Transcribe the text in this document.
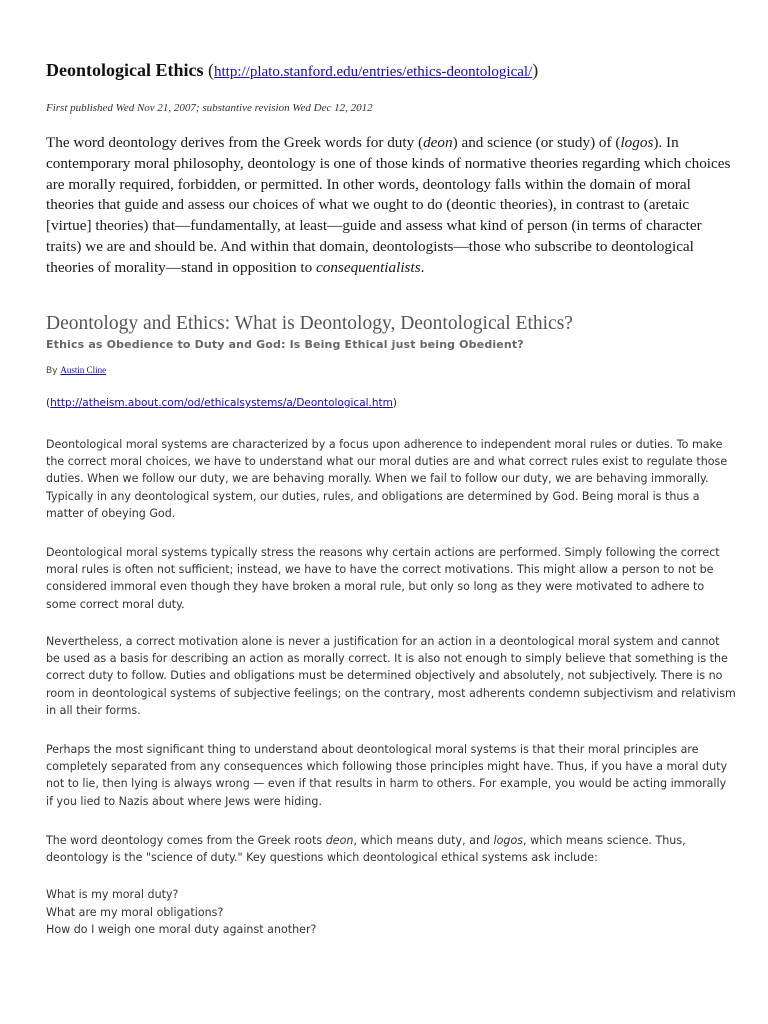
Deontological Ethics (http://plato.stanford.edu/entries/ethics-deontological/)
First published Wed Nov 21, 2007; substantive revision Wed Dec 12, 2012

The word deontology derives from the Greek words for duty (deon) and science (or study) of (logos). In contemporary moral philosophy, deontology is one of those kinds of normative theories regarding which choices are morally required, forbidden, or permitted. In other words, deontology falls within the domain of moral theories that guide and assess our choices of what we ought to do (deontic theories), in contrast to (aretaic [virtue] theories) that—fundamentally, at least—guide and assess what kind of person (in terms of character traits) we are and should be. And within that domain, deontologists—those who subscribe to deontological theories of morality—stand in opposition to consequentialists.

Deontology and Ethics: What is Deontology, Deontological Ethics?
Ethics as Obedience to Duty and God: Is Being Ethical just being Obedient?
By Austin Cline
(http://atheism.about.com/od/ethicalsystems/a/Deontological.htm)

Deontological moral systems are characterized by a focus upon adherence to independent moral rules or duties. To make the correct moral choices, we have to understand what our moral duties are and what correct rules exist to regulate those duties. When we follow our duty, we are behaving morally. When we fail to follow our duty, we are behaving immorally. Typically in any deontological system, our duties, rules, and obligations are determined by God. Being moral is thus a matter of obeying God.

Deontological moral systems typically stress the reasons why certain actions are performed. Simply following the correct moral rules is often not sufficient; instead, we have to have the correct motivations. This might allow a person to not be considered immoral even though they have broken a moral rule, but only so long as they were motivated to adhere to some correct moral duty.

Nevertheless, a correct motivation alone is never a justification for an action in a deontological moral system and cannot be used as a basis for describing an action as morally correct. It is also not enough to simply believe that something is the correct duty to follow. Duties and obligations must be determined objectively and absolutely, not subjectively. There is no room in deontological systems of subjective feelings; on the contrary, most adherents condemn subjectivism and relativism in all their forms.

Perhaps the most significant thing to understand about deontological moral systems is that their moral principles are completely separated from any consequences which following those principles might have. Thus, if you have a moral duty not to lie, then lying is always wrong — even if that results in harm to others. For example, you would be acting immorally if you lied to Nazis about where Jews were hiding.

The word deontology comes from the Greek roots deon, which means duty, and logos, which means science. Thus, deontology is the "science of duty." Key questions which deontological ethical systems ask include:

What is my moral duty?
What are my moral obligations?
How do I weigh one moral duty against another?
